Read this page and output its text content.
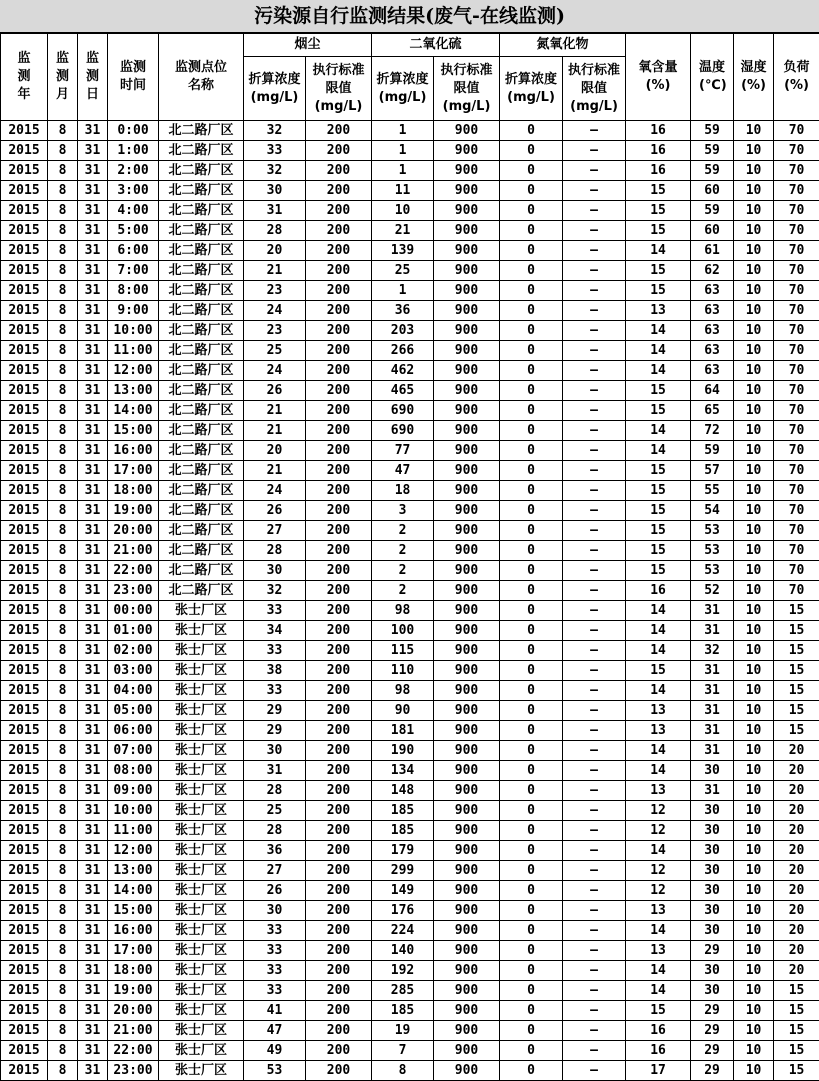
污染源自行监测结果(废气-在线监测)
监测年	监测月	监测日	监测时间	监测点位名称	烟尘		二氧化硫		氮氧化物		氧含量(%)	温度(℃)	湿度(%)	负荷(%)

					折算浓度(mg/L)	执行标准限值(mg/L)	折算浓度(mg/L)	执行标准限值(mg/L)	折算浓度(mg/L)	执行标准限值(mg/L)				

2015	8	31	0:00	北二路厂区	32	200	1	900	0	—	16	59	10	70
2015	8	31	1:00	北二路厂区	33	200	1	900	0	—	16	59	10	70
2015	8	31	2:00	北二路厂区	32	200	1	900	0	—	16	59	10	70
2015	8	31	3:00	北二路厂区	30	200	11	900	0	—	15	60	10	70
2015	8	31	4:00	北二路厂区	31	200	10	900	0	—	15	59	10	70
2015	8	31	5:00	北二路厂区	28	200	21	900	0	—	15	60	10	70
2015	8	31	6:00	北二路厂区	20	200	139	900	0	—	14	61	10	70
2015	8	31	7:00	北二路厂区	21	200	25	900	0	—	15	62	10	70
2015	8	31	8:00	北二路厂区	23	200	1	900	0	—	15	63	10	70
2015	8	31	9:00	北二路厂区	24	200	36	900	0	—	13	63	10	70
2015	8	31	10:00	北二路厂区	23	200	203	900	0	—	14	63	10	70
2015	8	31	11:00	北二路厂区	25	200	266	900	0	—	14	63	10	70
2015	8	31	12:00	北二路厂区	24	200	462	900	0	—	14	63	10	70
2015	8	31	13:00	北二路厂区	26	200	465	900	0	—	15	64	10	70
2015	8	31	14:00	北二路厂区	21	200	690	900	0	—	15	65	10	70
2015	8	31	15:00	北二路厂区	21	200	690	900	0	—	14	72	10	70
2015	8	31	16:00	北二路厂区	20	200	77	900	0	—	14	59	10	70
2015	8	31	17:00	北二路厂区	21	200	47	900	0	—	15	57	10	70
2015	8	31	18:00	北二路厂区	24	200	18	900	0	—	15	55	10	70
2015	8	31	19:00	北二路厂区	26	200	3	900	0	—	15	54	10	70
2015	8	31	20:00	北二路厂区	27	200	2	900	0	—	15	53	10	70
2015	8	31	21:00	北二路厂区	28	200	2	900	0	—	15	53	10	70
2015	8	31	22:00	北二路厂区	30	200	2	900	0	—	15	53	10	70
2015	8	31	23:00	北二路厂区	32	200	2	900	0	—	16	52	10	70
2015	8	31	00:00	张士厂区	33	200	98	900	0	—	14	31	10	15
2015	8	31	01:00	张士厂区	34	200	100	900	0	—	14	31	10	15
2015	8	31	02:00	张士厂区	33	200	115	900	0	—	14	32	10	15
2015	8	31	03:00	张士厂区	38	200	110	900	0	—	15	31	10	15
2015	8	31	04:00	张士厂区	33	200	98	900	0	—	14	31	10	15
2015	8	31	05:00	张士厂区	29	200	90	900	0	—	13	31	10	15
2015	8	31	06:00	张士厂区	29	200	181	900	0	—	13	31	10	15
2015	8	31	07:00	张士厂区	30	200	190	900	0	—	14	31	10	20
2015	8	31	08:00	张士厂区	31	200	134	900	0	—	14	30	10	20
2015	8	31	09:00	张士厂区	28	200	148	900	0	—	13	31	10	20
2015	8	31	10:00	张士厂区	25	200	185	900	0	—	12	30	10	20
2015	8	31	11:00	张士厂区	28	200	185	900	0	—	12	30	10	20
2015	8	31	12:00	张士厂区	36	200	179	900	0	—	14	30	10	20
2015	8	31	13:00	张士厂区	27	200	299	900	0	—	12	30	10	20
2015	8	31	14:00	张士厂区	26	200	149	900	0	—	12	30	10	20
2015	8	31	15:00	张士厂区	30	200	176	900	0	—	13	30	10	20
2015	8	31	16:00	张士厂区	33	200	224	900	0	—	14	30	10	20
2015	8	31	17:00	张士厂区	33	200	140	900	0	—	13	29	10	20
2015	8	31	18:00	张士厂区	33	200	192	900	0	—	14	30	10	20
2015	8	31	19:00	张士厂区	33	200	285	900	0	—	14	30	10	15
2015	8	31	20:00	张士厂区	41	200	185	900	0	—	15	29	10	15
2015	8	31	21:00	张士厂区	47	200	19	900	0	—	16	29	10	15
2015	8	31	22:00	张士厂区	49	200	7	900	0	—	16	29	10	15
2015	8	31	23:00	张士厂区	53	200	8	900	0	—	17	29	10	15
